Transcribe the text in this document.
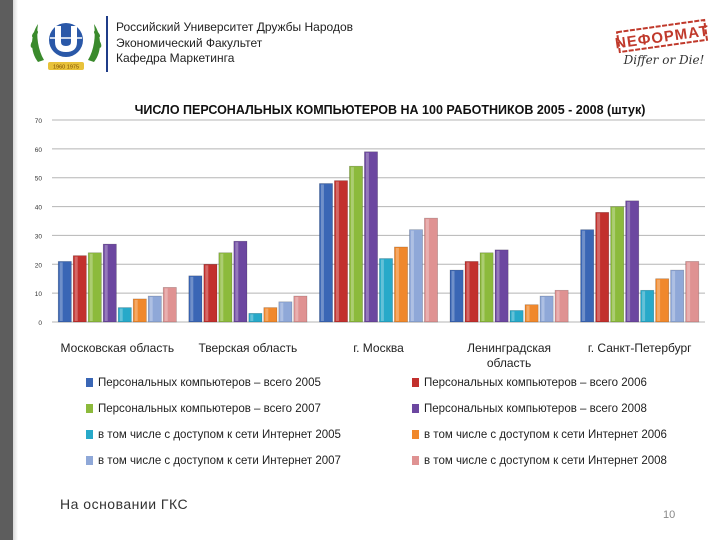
1960 1975
Российский Университет Дружбы Народов
Экономический Факультет
Кафедра Маркетинга
NEФОРМАТ
Differ or Die!
ЧИСЛО ПЕРСОНАЛЬНЫХ КОМПЬЮТЕРОВ НА 100 РАБОТНИКОВ 2005 - 2008 (штук)
0
10
20
30
40
50
60
70
Московская область Тверская область	г. Москва	Ленинградская
область
г. Санкт-Петербург
Персональных компьютеров – всего 2005	Персональных компьютеров – всего 2006
Персональных компьютеров – всего 2007	Персональных компьютеров – всего 2008
в том числе с доступом к сети Интернет 2005	в том числе с доступом к сети Интернет 2006
в том числе с доступом к сети Интернет 2007	в том числе с доступом к сети Интернет 2008
На основании ГКС
10
